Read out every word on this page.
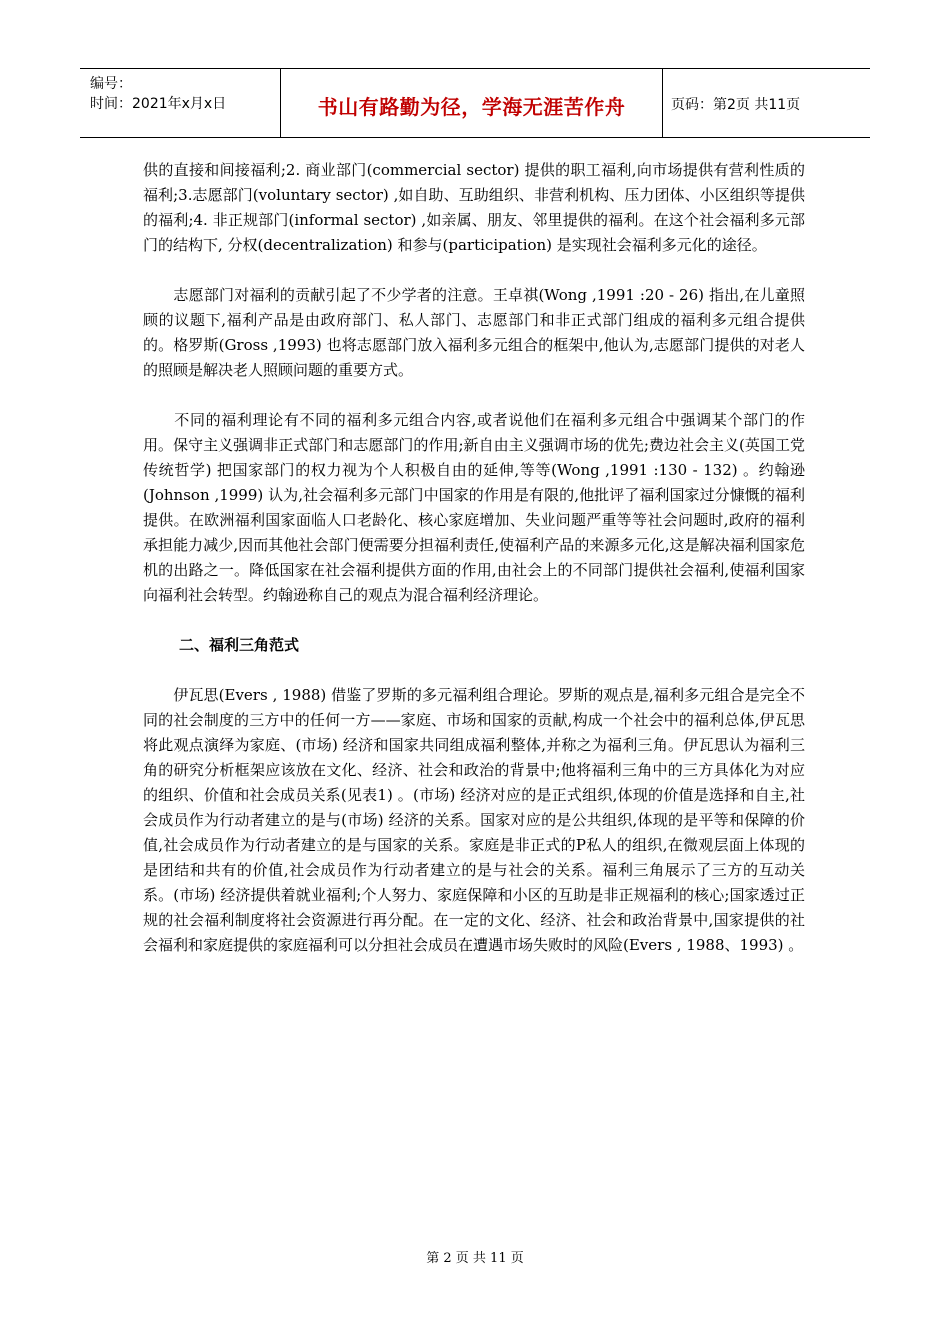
编号：
时间：2021年x月x日	书山有路勤为径，学海无涯苦作舟	页码：第2页 共11页

供的直接和间接福利;2. 商业部门(commercial sector) 提供的职工福利,向市场提供有营利性质的福利;3.志愿部门(voluntary sector) ,如自助、互助组织、非营利机构、压力团体、小区组织等提供的福利;4. 非正规部门(informal sector) ,如亲属、朋友、邻里提供的福利。在这个社会福利多元部门的结构下, 分权(decentralization) 和参与(participation) 是实现社会福利多元化的途径。

　　志愿部门对福利的贡献引起了不少学者的注意。王卓祺(Wong ,1991 :20 - 26) 指出,在儿童照顾的议题下,福利产品是由政府部门、私人部门、志愿部门和非正式部门组成的福利多元组合提供的。格罗斯(Gross ,1993) 也将志愿部门放入福利多元组合的框架中,他认为,志愿部门提供的对老人的照顾是解决老人照顾问题的重要方式。

　　不同的福利理论有不同的福利多元组合内容,或者说他们在福利多元组合中强调某个部门的作用。保守主义强调非正式部门和志愿部门的作用;新自由主义强调市场的优先;费边社会主义(英国工党传统哲学) 把国家部门的权力视为个人积极自由的延伸,等等(Wong ,1991 :130 - 132) 。约翰逊(Johnson ,1999) 认为,社会福利多元部门中国家的作用是有限的,他批评了福利国家过分慷慨的福利提供。在欧洲福利国家面临人口老龄化、核心家庭增加、失业问题严重等等社会问题时,政府的福利承担能力减少,因而其他社会部门便需要分担福利责任,使福利产品的来源多元化,这是解决福利国家危机的出路之一。降低国家在社会福利提供方面的作用,由社会上的不同部门提供社会福利,使福利国家向福利社会转型。约翰逊称自己的观点为混合福利经济理论。

二、福利三角范式

　　伊瓦思(Evers , 1988) 借鉴了罗斯的多元福利组合理论。罗斯的观点是,福利多元组合是完全不同的社会制度的三方中的任何一方——家庭、市场和国家的贡献,构成一个社会中的福利总体,伊瓦思将此观点演绎为家庭、(市场) 经济和国家共同组成福利整体,并称之为福利三角。伊瓦思认为福利三角的研究分析框架应该放在文化、经济、社会和政治的背景中;他将福利三角中的三方具体化为对应的组织、价值和社会成员关系(见表1) 。(市场) 经济对应的是正式组织,体现的价值是选择和自主,社会成员作为行动者建立的是与(市场) 经济的关系。国家对应的是公共组织,体现的是平等和保障的价值,社会成员作为行动者建立的是与国家的关系。家庭是非正式的P私人的组织,在微观层面上体现的是团结和共有的价值,社会成员作为行动者建立的是与社会的关系。福利三角展示了三方的互动关系。(市场) 经济提供着就业福利;个人努力、家庭保障和小区的互助是非正规福利的核心;国家透过正规的社会福利制度将社会资源进行再分配。在一定的文化、经济、社会和政治背景中,国家提供的社会福利和家庭提供的家庭福利可以分担社会成员在遭遇市场失败时的风险(Evers , 1988、1993) 。

第 2 页 共 11 页
